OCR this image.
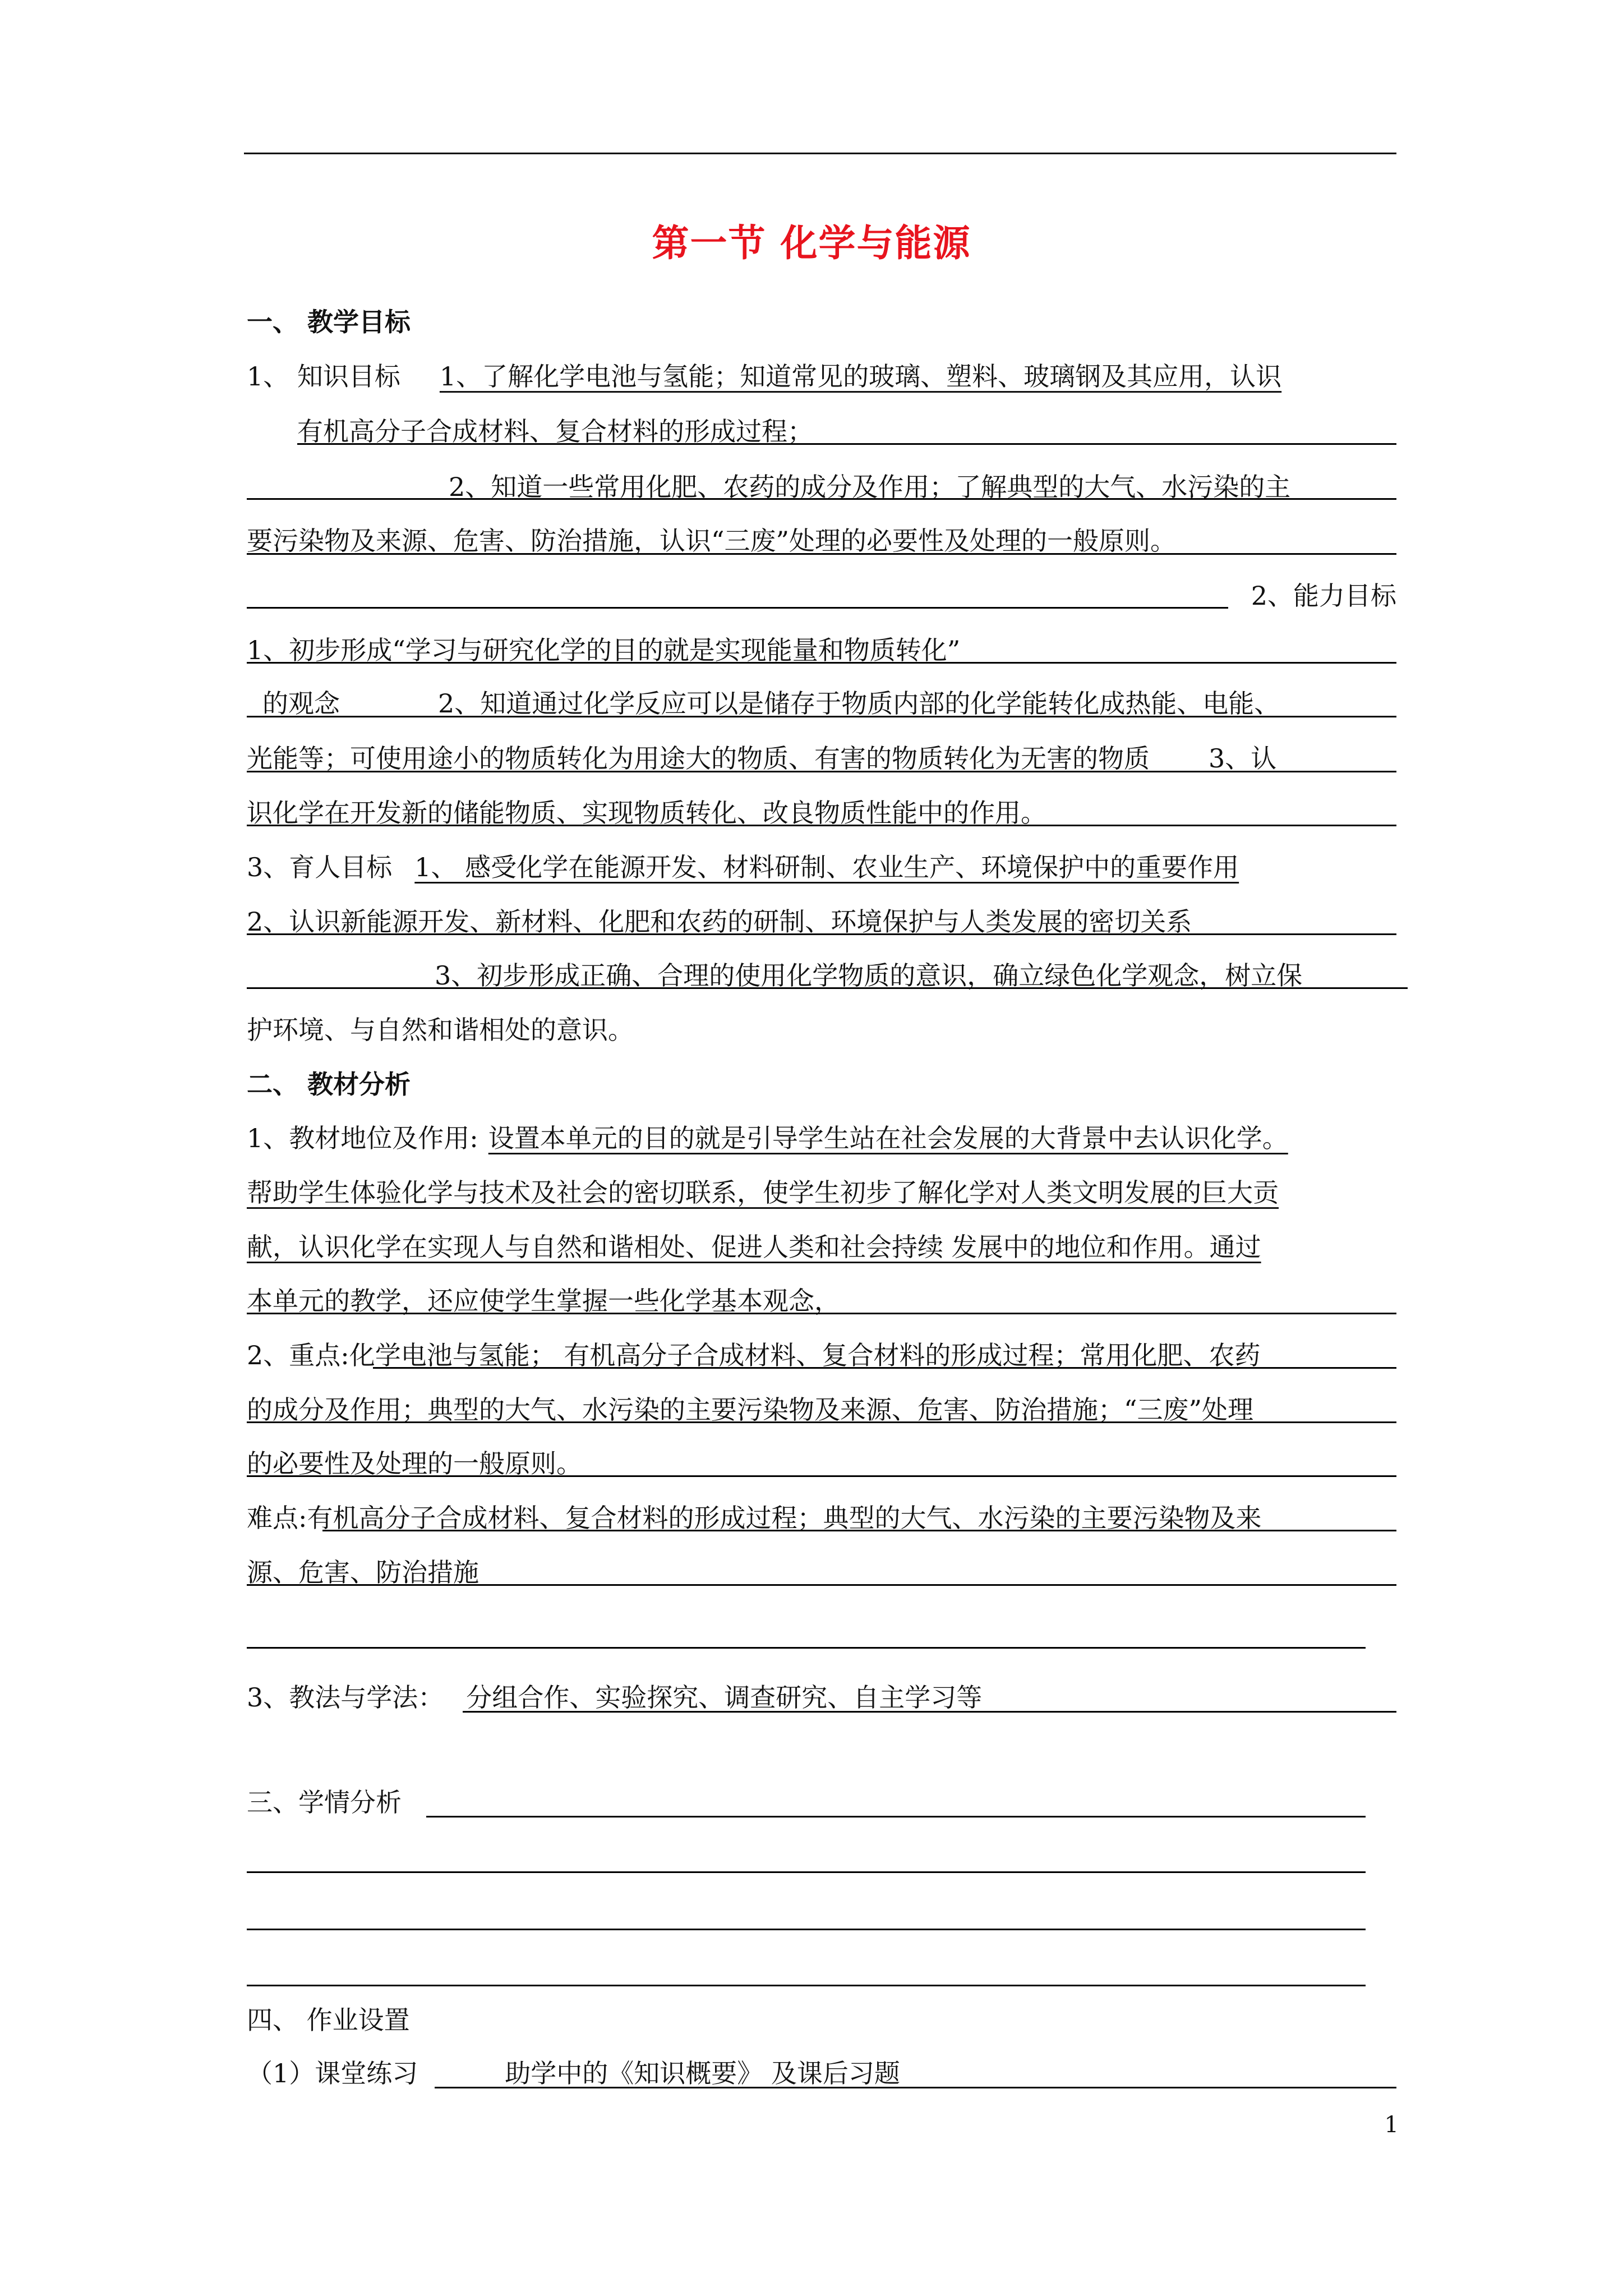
第一节 化学与能源
一、 教学目标
1、 知识目标 1、了解化学电池与氢能；知道常见的玻璃、塑料、玻璃钢及其应用，认识
有机高分子合成材料、复合材料的形成过程；
2、知道一些常用化肥、农药的成分及作用；了解典型的大气、水污染的主
要污染物及来源、危害、防治措施，认识“三废”处理的必要性及处理的一般原则。
2、能力目标
1、初步形成“学习与研究化学的目的就是实现能量和物质转化”
的观念	2、知道通过化学反应可以是储存于物质内部的化学能转化成热能、电能、
光能等；可使用途小的物质转化为用途大的物质、有害的物质转化为无害的物质 3、认
识化学在开发新的储能物质、实现物质转化、改良物质性能中的作用。
3、育人目标 1、 感受化学在能源开发、材料研制、农业生产、环境保护中的重要作用
2、认识新能源开发、新材料、化肥和农药的研制、环境保护与人类发展的密切关系
3、初步形成正确、合理的使用化学物质的意识，确立绿色化学观念，树立保
护环境、与自然和谐相处的意识。
二、 教材分析
1、教材地位及作用: 设置本单元的目的就是引导学生站在社会发展的大背景中去认识化学。
帮助学生体验化学与技术及社会的密切联系，使学生初步了解化学对人类文明发展的巨大贡
献，认识化学在实现人与自然和谐相处、促进人类和社会持续 发展中的地位和作用。通过
本单元的教学，还应使学生掌握一些化学基本观念，
2、重点:化学电池与氢能； 有机高分子合成材料、复合材料的形成过程；常用化肥、农药
的成分及作用；典型的大气、水污染的主要污染物及来源、危害、防治措施；“三废”处理
的必要性及处理的一般原则。
难点:有机高分子合成材料、复合材料的形成过程；典型的大气、水污染的主要污染物及来
源、危害、防治措施
3、教法与学法： 分组合作、实验探究、调查研究、自主学习等
三、学情分析
四、 作业设置
（1）课堂练习	助学中的《知识概要》 及课后习题
1
